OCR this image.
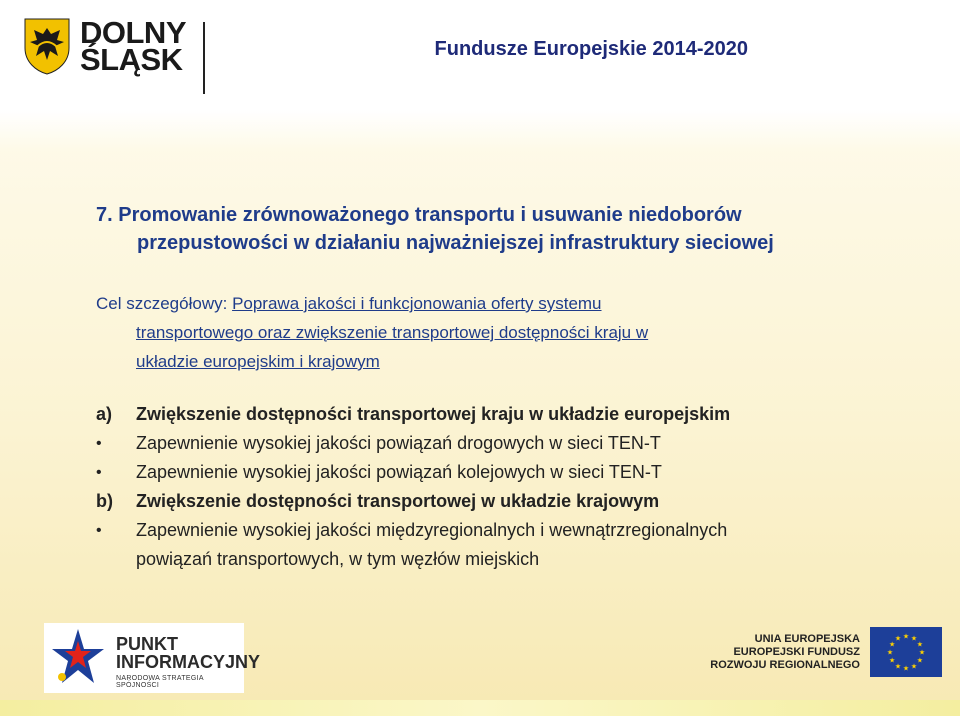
DOLNY
ŚLĄSK	Fundusze Europejskie 2014-2020
7. Promowanie zrównoważonego transportu i usuwanie niedoborów
przepustowości w działaniu najważniejszej infrastruktury sieciowej
Cel szczegółowy: Poprawa jakości i funkcjonowania oferty systemu
transportowego oraz zwiększenie transportowej dostępności kraju w
układzie europejskim i krajowym
a)	Zwiększenie dostępności transportowej kraju w układzie europejskim
•	Zapewnienie wysokiej jakości powiązań drogowych w sieci TEN-T
•	Zapewnienie wysokiej jakości powiązań kolejowych w sieci TEN-T
b)	Zwiększenie dostępności transportowej w układzie krajowym
•	Zapewnienie wysokiej jakości międzyregionalnych i wewnątrzregionalnych
powiązań transportowych, w tym węzłów miejskich
PUNKT
INFORMACYJNY
NARODOWA STRATEGIA SPÓJNOŚCI
UNIA EUROPEJSKA
EUROPEJSKI FUNDUSZ
ROZWOJU REGIONALNEGO
★
★
★
★
★
★
★
★
★ ★ ★
★
